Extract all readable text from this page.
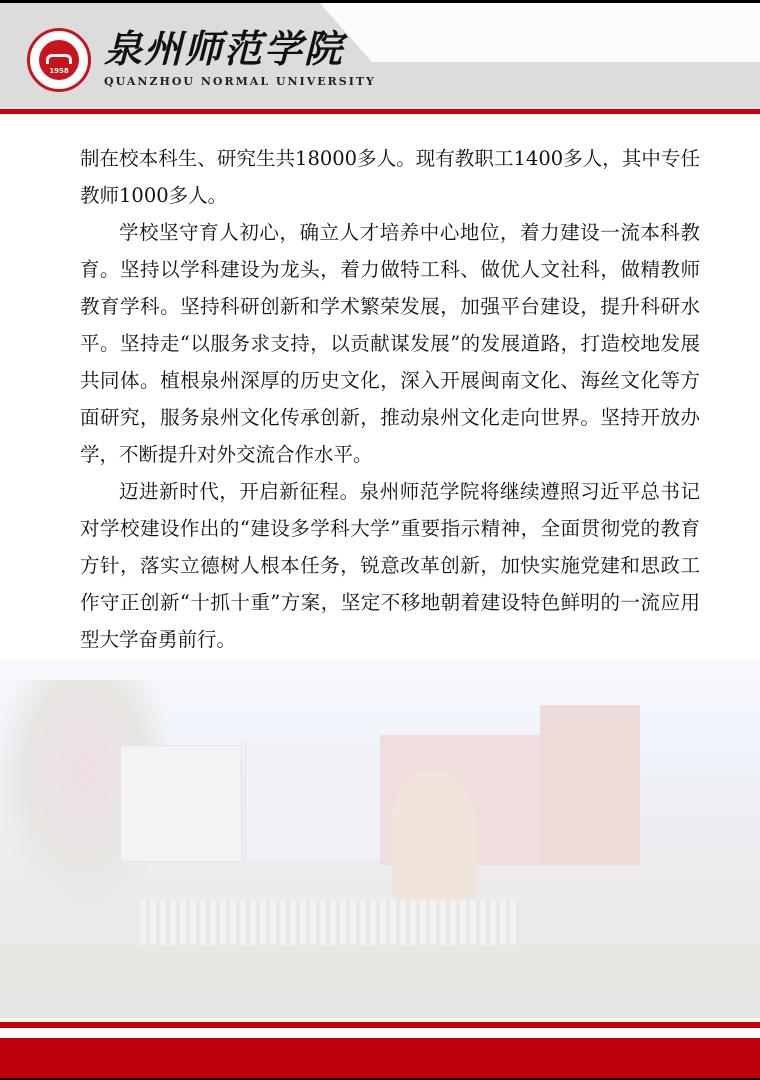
1958 泉州师范学院
QUANZHOU NORMAL UNIVERSITY

制在校本科生、研究生共18000多人。现有教职工1400多人，其中专任教师1000多人。

学校坚守育人初心，确立人才培养中心地位，着力建设一流本科教育。坚持以学科建设为龙头，着力做特工科、做优人文社科，做精教师教育学科。坚持科研创新和学术繁荣发展，加强平台建设，提升科研水平。坚持走“以服务求支持，以贡献谋发展”的发展道路，打造校地发展共同体。植根泉州深厚的历史文化，深入开展闽南文化、海丝文化等方面研究，服务泉州文化传承创新，推动泉州文化走向世界。坚持开放办学，不断提升对外交流合作水平。

迈进新时代，开启新征程。泉州师范学院将继续遵照习近平总书记对学校建设作出的“建设多学科大学”重要指示精神，全面贯彻党的教育方针，落实立德树人根本任务，锐意改革创新，加快实施党建和思政工作守正创新“十抓十重”方案，坚定不移地朝着建设特色鲜明的一流应用型大学奋勇前行。
